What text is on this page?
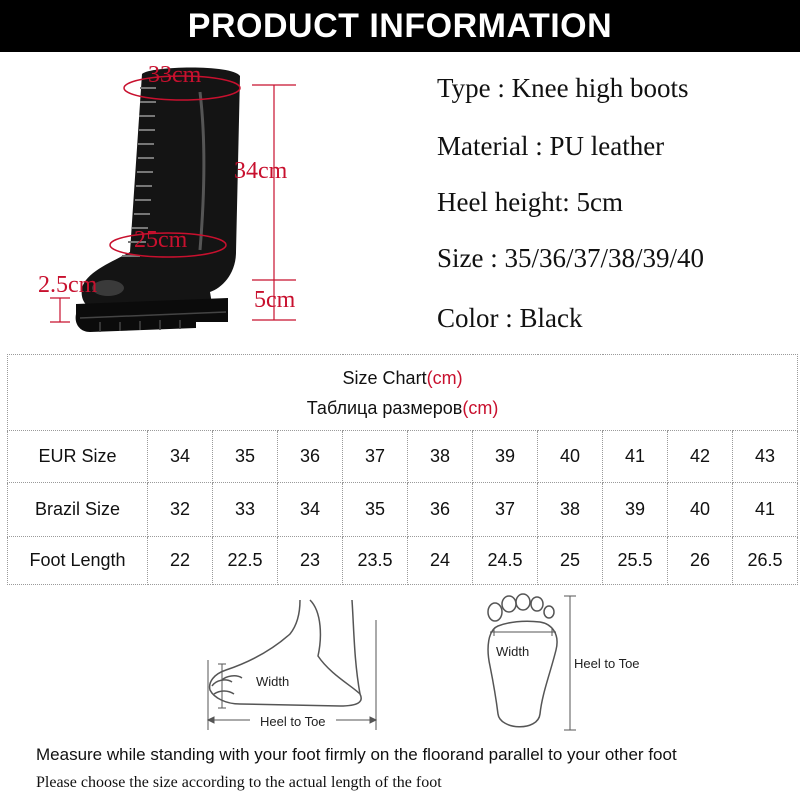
PRODUCT INFORMATION
33cm
34cm
25cm
2.5cm
5cm
Type : Knee high boots
Material : PU leather
Heel height: 5cm
Size : 35/36/37/38/39/40
Color : Black
Size Chart(cm)
Таблица размеров(cm)										
EUR Size	34	35	36	37	38	39	40	41	42	43
Brazil Size	32	33	34	35	36	37	38	39	40	41
Foot Length	22	22.5	23	23.5	24	24.5	25	25.5	26	26.5
Width
Heel to Toe
Width
Heel to Toe
Measure while standing with your foot firmly on the floorand parallel to your other foot
Please choose the size according to the actual length of the foot
